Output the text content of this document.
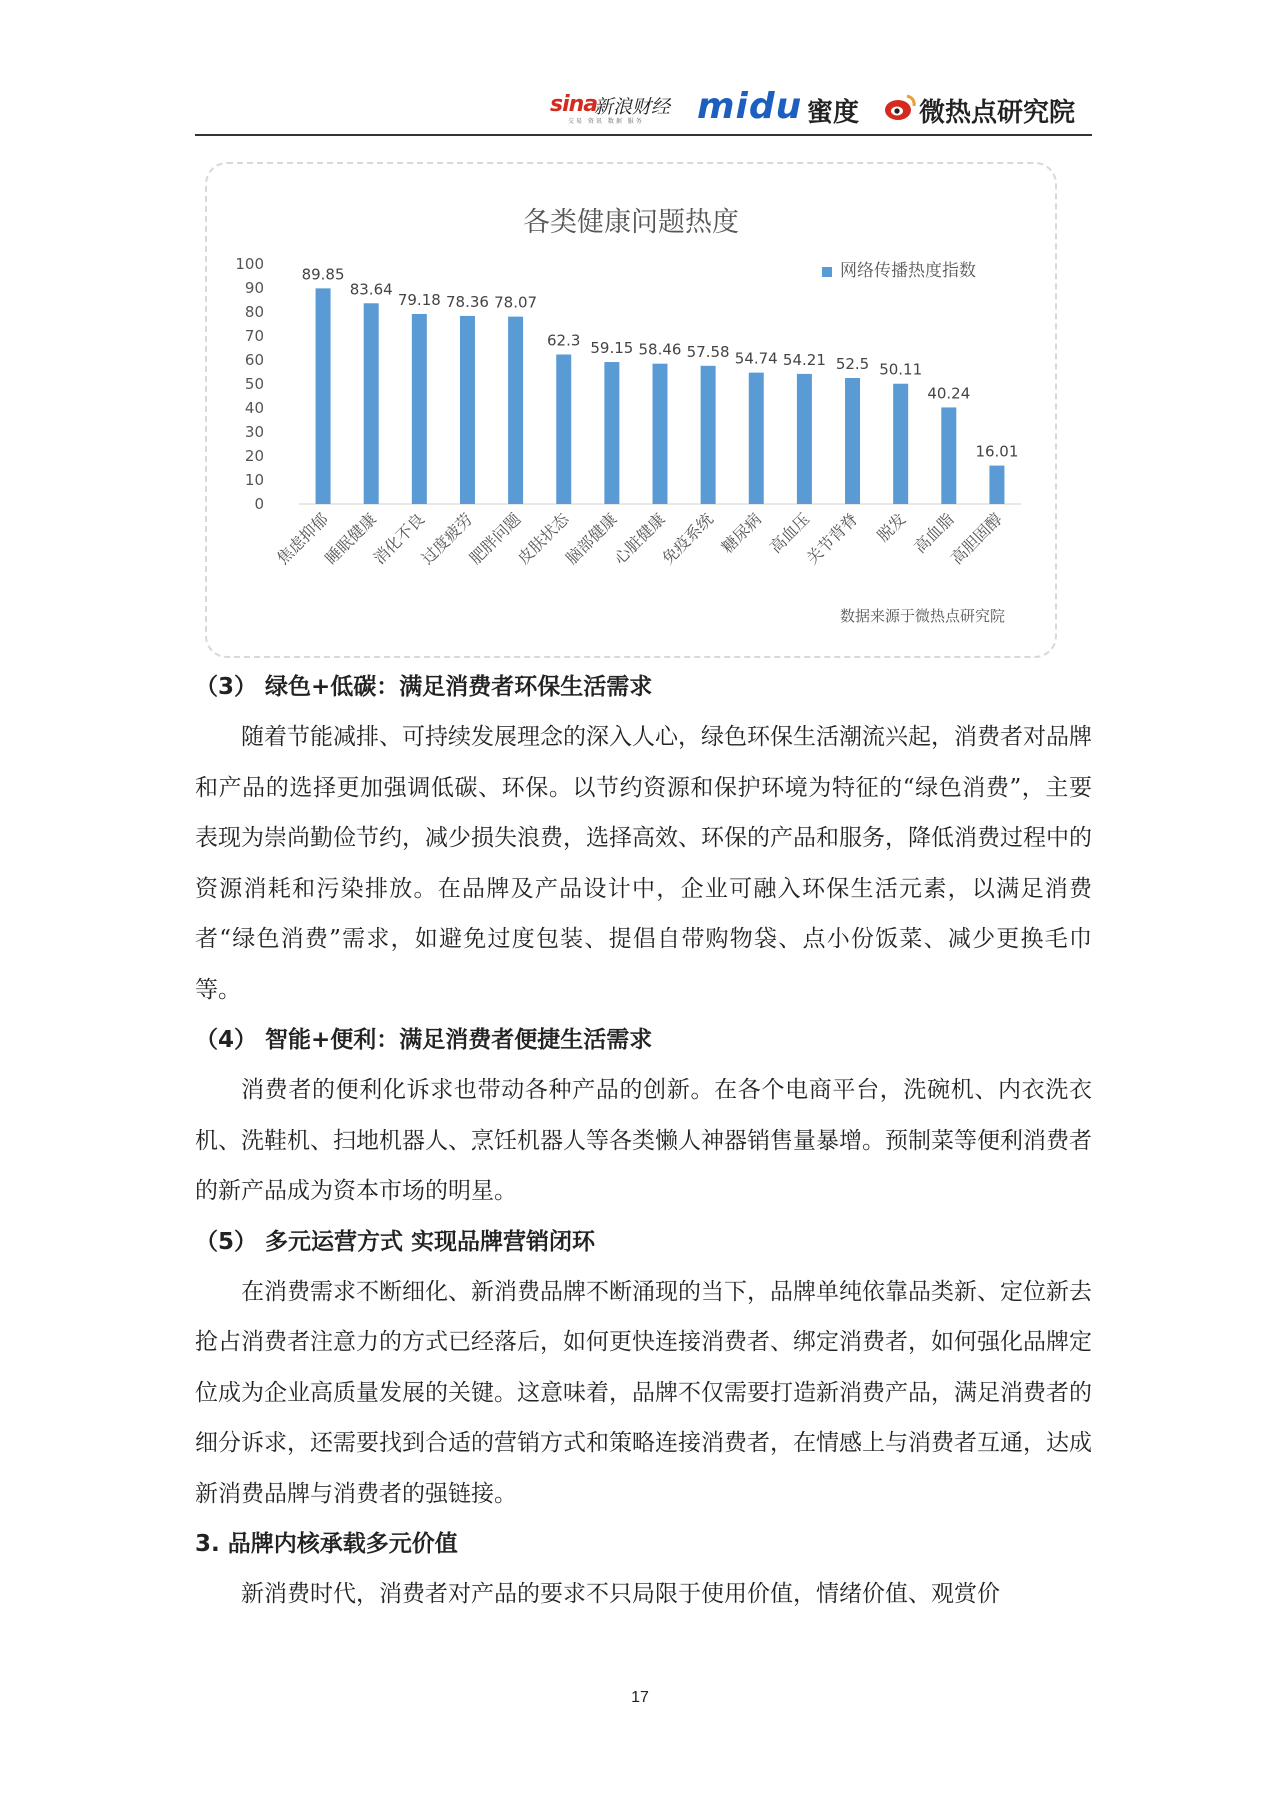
sina
新浪财经
交易 资讯 数据 服务 midu 蜜度 微热点研究院
各类健康问题热度
网络传播热度指数
0
10
20
30
40
50
60
70
80
90
100
89.85
焦虑抑郁
83.64
睡眠健康
79.18
消化不良
78.36
过度疲劳
78.07
肥胖问题
62.3
皮肤状态
59.15
脑部健康
58.46
心脏健康
57.58
免疫系统
54.74
糖尿病
54.21
高血压
52.5
关节背脊
50.11
脱发
40.24
高血脂
16.01
高胆固醇
数据来源于微热点研究院

（3） 绿色+低碳：满足消费者环保生活需求

随着节能减排、可持续发展理念的深入人心，绿色环保生活潮流兴起，消费者对品牌和产品的选择更加强调低碳、环保。以节约资源和保护环境为特征的“绿色消费”，主要表现为崇尚勤俭节约，减少损失浪费，选择高效、环保的产品和服务，降低消费过程中的资源消耗和污染排放。在品牌及产品设计中，企业可融入环保生活元素，以满足消费者“绿色消费”需求，如避免过度包装、提倡自带购物袋、点小份饭菜、减少更换毛巾等。

（4） 智能+便利：满足消费者便捷生活需求

消费者的便利化诉求也带动各种产品的创新。在各个电商平台，洗碗机、内衣洗衣机、洗鞋机、扫地机器人、烹饪机器人等各类懒人神器销售量暴增。预制菜等便利消费者的新产品成为资本市场的明星。

（5） 多元运营方式 实现品牌营销闭环

在消费需求不断细化、新消费品牌不断涌现的当下，品牌单纯依靠品类新、定位新去抢占消费者注意力的方式已经落后，如何更快连接消费者、绑定消费者，如何强化品牌定位成为企业高质量发展的关键。这意味着，品牌不仅需要打造新消费产品，满足消费者的细分诉求，还需要找到合适的营销方式和策略连接消费者，在情感上与消费者互通，达成新消费品牌与消费者的强链接。

3. 品牌内核承载多元价值

新消费时代，消费者对产品的要求不只局限于使用价值，情绪价值、观赏价

17
